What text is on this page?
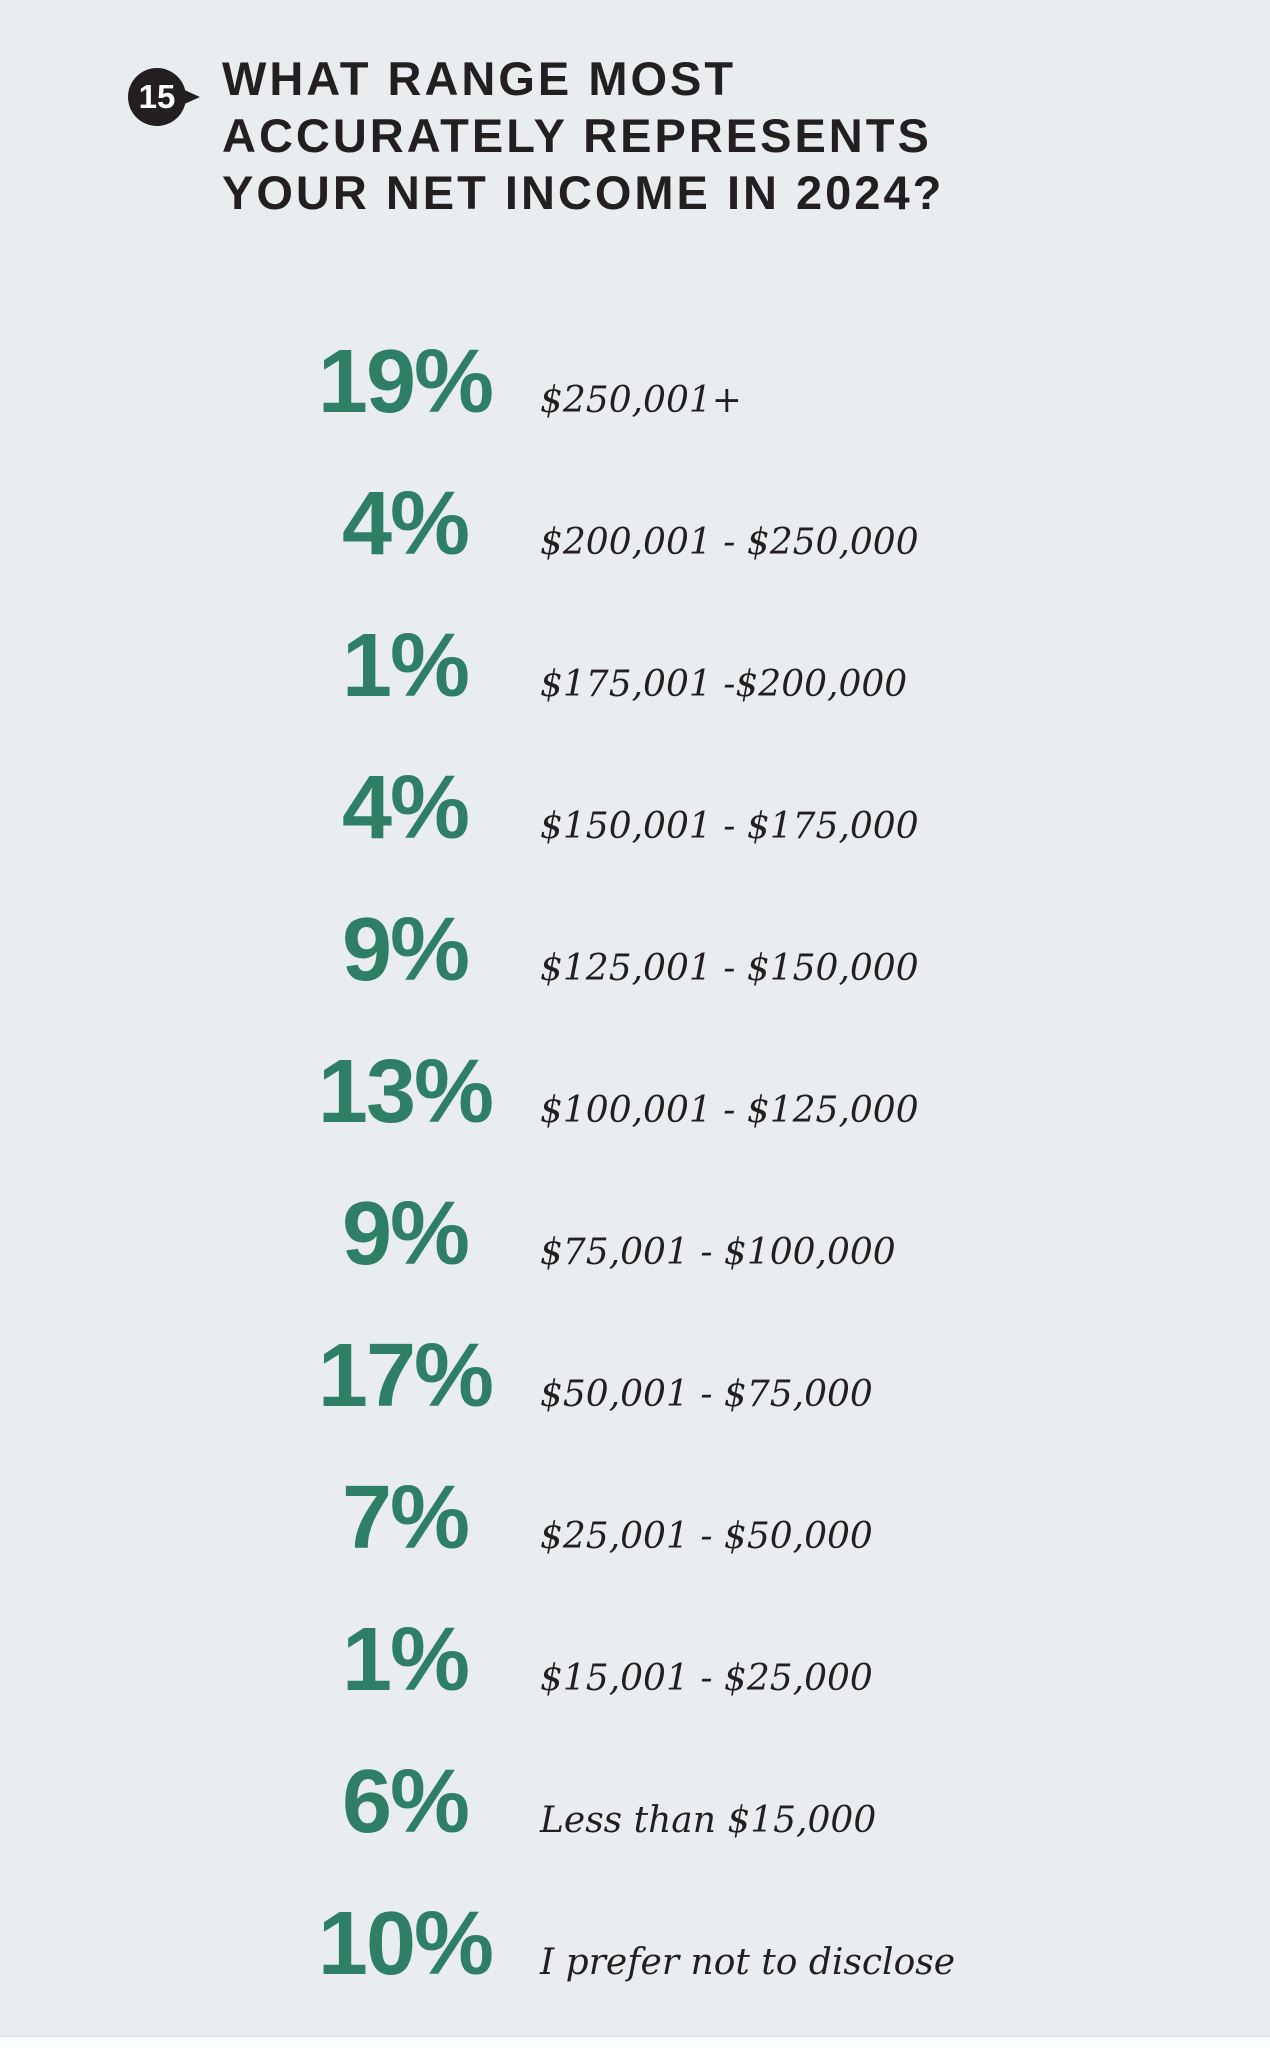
15 WHAT RANGE MOST
ACCURATELY REPRESENTS
YOUR NET INCOME IN 2024?
19%	$250,001+
4%	$200,001 - $250,000
1%	$175,001 -$200,000
4%	$150,001 - $175,000
9%	$125,001 - $150,000
13%	$100,001 - $125,000
9%	$75,001 - $100,000
17%	$50,001 - $75,000
7%	$25,001 - $50,000
1%	$15,001 - $25,000
6%	Less than $15,000
10%	I prefer not to disclose
